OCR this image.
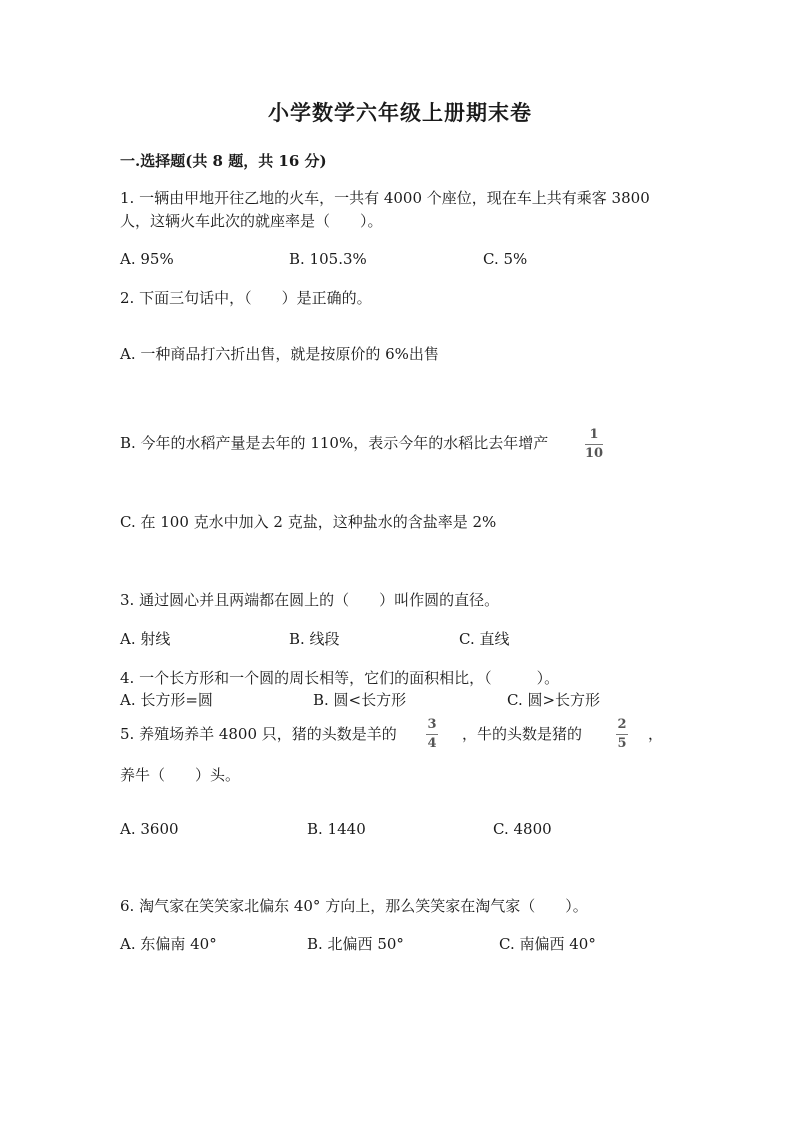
小学数学六年级上册期末卷
一.选择题(共 8 题，共 16 分)
1. 一辆由甲地开往乙地的火车，一共有 4000 个座位，现在车上共有乘客 3800
人，这辆火车此次的就座率是（　　）。
A. 95%	B. 105.3%	C. 5%
2. 下面三句话中，（　　）是正确的。
A. 一种商品打六折出售，就是按原价的 6%出售
B. 今年的水稻产量是去年的 110%，表示今年的水稻比去年增产	1
10
C. 在 100 克水中加入 2 克盐，这种盐水的含盐率是 2%
3. 通过圆心并且两端都在圆上的（　　）叫作圆的直径。
A. 射线	B. 线段	C. 直线
4. 一个长方形和一个圆的周长相等，它们的面积相比，（　　　）。
A. 长方形=圆	B. 圆<长方形	C. 圆>长方形
5. 养殖场养羊 4800 只，猪的头数是羊的
3
4
，牛的头数是猪的
2
5
，
养牛（　　）头。
A. 3600	B. 1440	C. 4800
6. 淘气家在笑笑家北偏东 40° 方向上，那么笑笑家在淘气家（　　）。
A. 东偏南 40°	B. 北偏西 50°	C. 南偏西 40°
